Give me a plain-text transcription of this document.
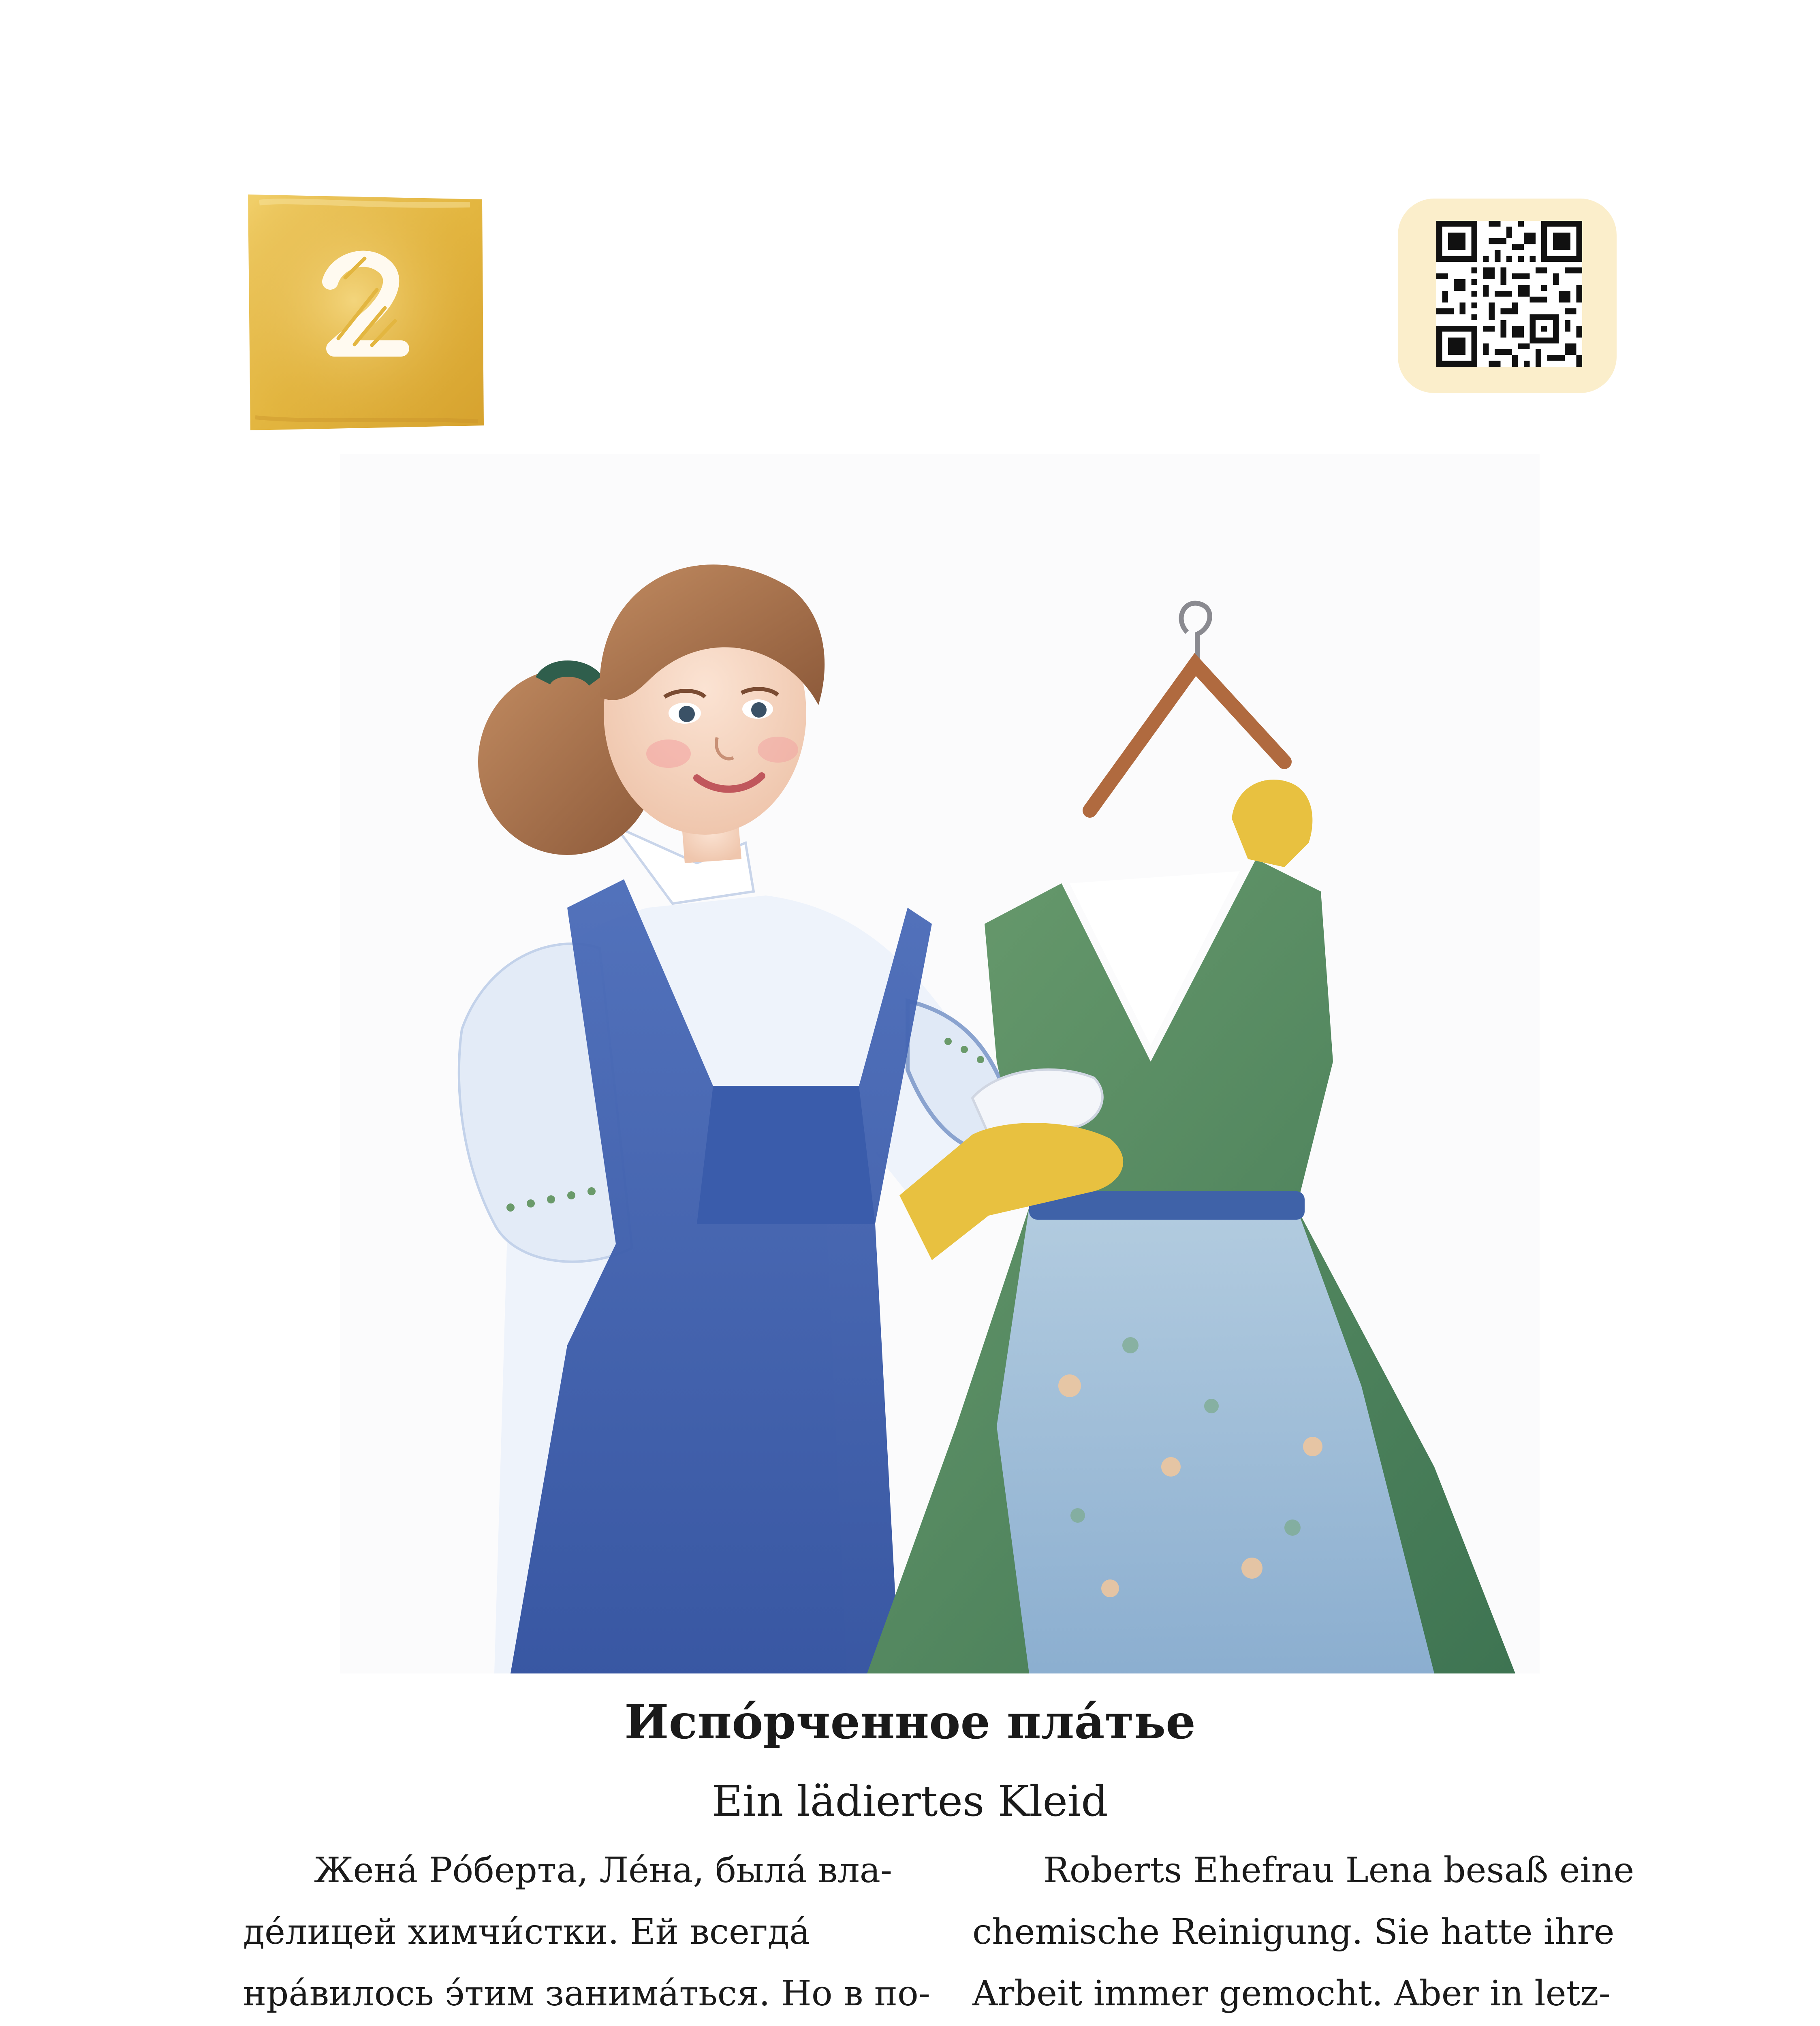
Испо́рченное пла́тье
Ein lädiertes Kleid
Жена́ Ро́берта, Ле́на, была́ вла-
де́лицей химчи́стки. Ей всегда́
нра́вилось э́тим занима́ться. Но в по-
Roberts Ehefrau Lena besaß eine
chemische Reinigung. Sie hatte ihre
Arbeit immer gemocht. Aber in letz-
